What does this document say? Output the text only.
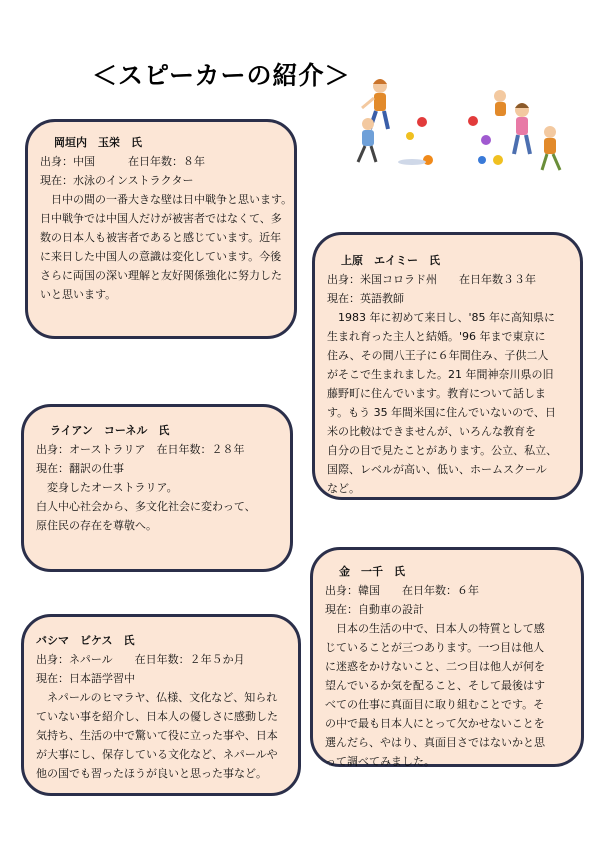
＜スピーカーの紹介＞
岡垣内　玉栄　氏
出身：中国　　　在日年数：８年
現在：水泳のインストラクター
日中の間の一番大きな壁は日中戦争と思います。
日中戦争では中国人だけが被害者ではなくて、多
数の日本人も被害者であると感じています。近年
に来日した中国人の意識は変化しています。今後
さらに両国の深い理解と友好関係強化に努力した
いと思います。
上原　エイミー　氏
出身：米国コロラド州　　在日年数３３年
現在：英語教師
1983 年に初めて来日し、'85 年に高知県に
生まれ育った主人と結婚。'96 年まで東京に
住み、その間八王子に６年間住み、子供二人
がそこで生まれました。21 年間神奈川県の旧
藤野町に住んでいます。教育について話しま
す。もう 35 年間米国に住んでいないので、日
米の比較はできませんが、いろんな教育を
自分の目で見たことがあります。公立、私立、
国際、レベルが高い、低い、ホームスクール
など。
ライアン　コーネル　氏
出身：オーストラリア　在日年数：２８年
現在：翻訳の仕事
変身したオーストラリア。
白人中心社会から、多文化社会に変わって、
原住民の存在を尊敬へ。
金　一千　氏
出身：韓国　　在日年数：６年
現在：自動車の設計
日本の生活の中で、日本人の特質として感
じていることが三つあります。一つ目は他人
に迷惑をかけないこと、二つ目は他人が何を
望んでいるか気を配ること、そして最後はす
べての仕事に真面目に取り組むことです。そ
の中で最も日本人にとって欠かせないことを
選んだら、やはり、真面目さではないかと思
って調べてみました。
バシマ　ビケス　氏
出身：ネパール　　在日年数：２年５か月
現在：日本語学習中
ネパールのヒマラヤ、仏様、文化など、知られ
ていない事を紹介し、日本人の優しさに感動した
気持ち、生活の中で驚いて役に立った事や、日本
が大事にし、保存している文化など、ネパールや
他の国でも習ったほうが良いと思った事など。
